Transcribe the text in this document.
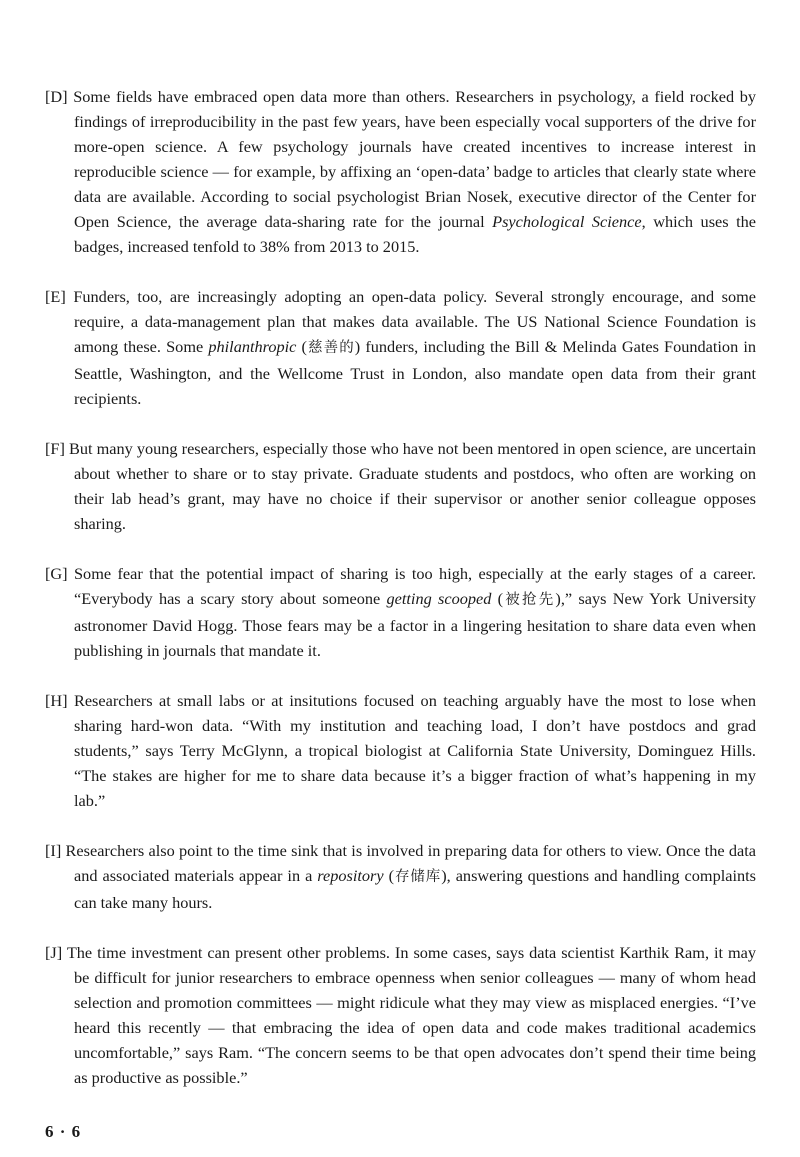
[D] Some fields have embraced open data more than others. Researchers in psychology, a field rocked by findings of irreproducibility in the past few years, have been especially vocal supporters of the drive for more-open science. A few psychology journals have created incentives to increase interest in reproducible science — for example, by affixing an ‘open-data’ badge to articles that clearly state where data are available. According to social psychologist Brian Nosek, executive director of the Center for Open Science, the average data-sharing rate for the journal Psychological Science, which uses the badges, increased tenfold to 38% from 2013 to 2015.

[E] Funders, too, are increasingly adopting an open-data policy. Several strongly encourage, and some require, a data-management plan that makes data available. The US National Science Foundation is among these. Some philanthropic (慈善的) funders, including the Bill & Melinda Gates Foundation in Seattle, Washington, and the Wellcome Trust in London, also mandate open data from their grant recipients.

[F] But many young researchers, especially those who have not been mentored in open science, are uncertain about whether to share or to stay private. Graduate students and postdocs, who often are working on their lab head’s grant, may have no choice if their supervisor or another senior colleague opposes sharing.

[G] Some fear that the potential impact of sharing is too high, especially at the early stages of a career. “Everybody has a scary story about someone getting scooped (被抢先),” says New York University astronomer David Hogg. Those fears may be a factor in a lingering hesitation to share data even when publishing in journals that mandate it.

[H] Researchers at small labs or at insitutions focused on teaching arguably have the most to lose when sharing hard-won data. “With my institution and teaching load, I don’t have postdocs and grad students,” says Terry McGlynn, a tropical biologist at California State University, Dominguez Hills. “The stakes are higher for me to share data because it’s a bigger fraction of what’s happening in my lab.”

[I] Researchers also point to the time sink that is involved in preparing data for others to view. Once the data and associated materials appear in a repository (存储库), answering questions and handling complaints can take many hours.

[J] The time investment can present other problems. In some cases, says data scientist Karthik Ram, it may be difficult for junior researchers to embrace openness when senior colleagues — many of whom head selection and promotion committees — might ridicule what they may view as misplaced energies. “I’ve heard this recently — that embracing the idea of open data and code makes traditional academics uncomfortable,” says Ram. “The concern seems to be that open advocates don’t spend their time being as productive as possible.”

6 · 6
